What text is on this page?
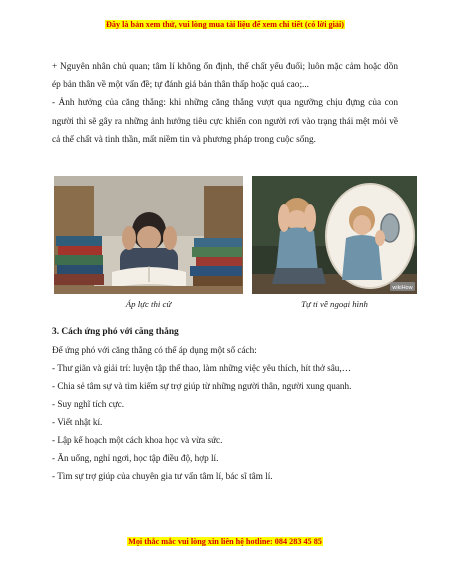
Đây là bản xem thử, vui lòng mua tài liệu để xem chi tiết (có lời giải)

+ Nguyên nhân chủ quan; tâm lí không ổn định, thể chất yếu đuối; luôn mặc cảm hoặc dồn ép bản thân về một vấn đề; tự đánh giá bản thân thấp hoặc quá cao;...

- Ảnh hưởng của căng thẳng: khi những căng thẳng vượt qua ngưỡng chịu đựng của con người thì sẽ gây ra những ảnh hưởng tiêu cực khiến con người rơi vào trạng thái mệt mỏi về cả thể chất và tinh thần, mất niềm tin và phương pháp trong cuộc sống.

Áp lực thi cử
wikiHow
Tự ti về ngoại hình

3. Cách ứng phó với căng thẳng

Để ứng phó với căng thẳng có thể áp dụng một số cách:

- Thư giãn và giải trí: luyện tập thể thao, làm những việc yêu thích, hít thở sâu,…

- Chia sẻ tâm sự và tìm kiếm sự trợ giúp từ những người thân, người xung quanh.

- Suy nghĩ tích cực.

- Viết nhật kí.

- Lập kế hoạch một cách khoa học và vừa sức.

- Ăn uống, nghỉ ngơi, học tập điều độ, hợp lí.

- Tìm sự trợ giúp của chuyên gia tư vấn tâm lí, bác sĩ tâm lí.

Mọi thắc mắc vui lòng xin liên hệ hotline: 084 283 45 85
